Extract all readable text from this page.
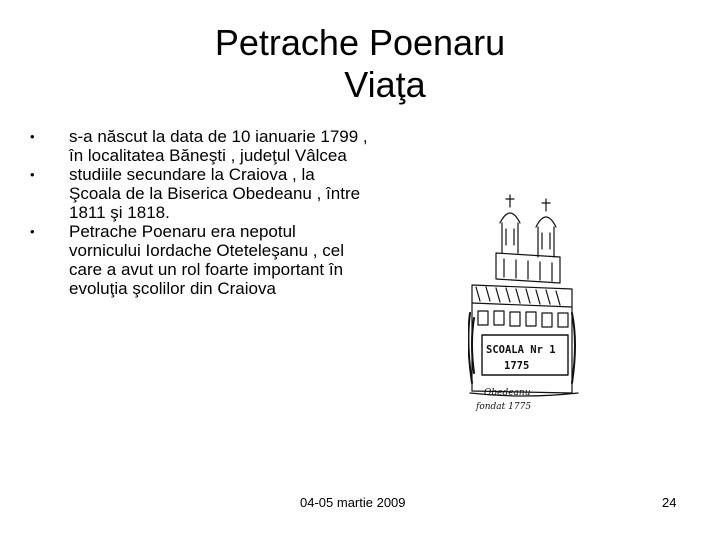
Petrache Poenaru
Viaţa
• s-a născut la data de 10 ianuarie 1799 , în localitatea Băneşti , judeţul Vâlcea
• studiile secundare la Craiova , la Şcoala de la Biserica Obedeanu , între 1811 şi 1818.
• Petrache Poenaru era nepotul vornicului Iordache Oteteleşanu , cel care a avut un rol foarte important în evoluţia şcolilor din Craiova
SCOALA Nr 1
1775
Obedeanu
fondat 1775
04-05 martie 2009	24
